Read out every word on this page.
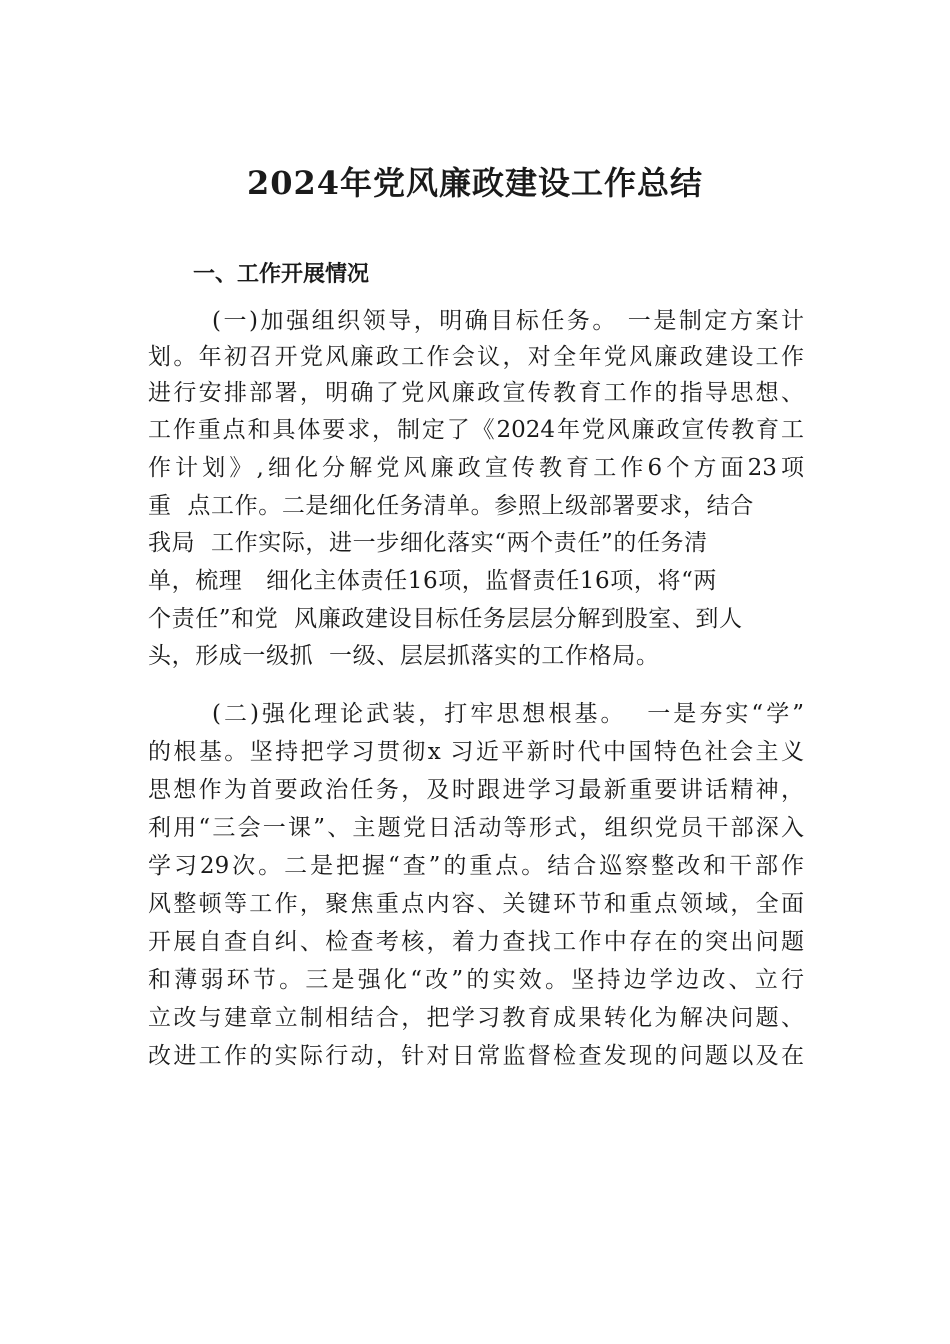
2024年党风廉政建设工作总结
一、工作开展情况
(一)加强组织领导，明确目标任务。 一是制定方案计
划。年初召开党风廉政工作会议，对全年党风廉政建设工作
进行安排部署，明确了党风廉政宣传教育工作的指导思想、
工作重点和具体要求，制定了《2024年党风廉政宣传教育工
作计划》,细化分解党风廉政宣传教育工作6个方面23项
重  点工作。二是细化任务清单。参照上级部署要求，结合
我局  工作实际，进一步细化落实“两个责任”的任务清
单，梳理   细化主体责任16项，监督责任16项，将“两
个责任”和党  风廉政建设目标任务层层分解到股室、到人
头，形成一级抓  一级、层层抓落实的工作格局。
(二)强化理论武装，打牢思想根基。  一是夯实“学”
的根基。坚持把学习贯彻x 习近平新时代中国特色社会主义
思想作为首要政治任务，及时跟进学习最新重要讲话精神，
利用“三会一课”、主题党日活动等形式，组织党员干部深入
学习29次。二是把握“查”的重点。结合巡察整改和干部作
风整顿等工作，聚焦重点内容、关键环节和重点领域，全面
开展自查自纠、检查考核，着力查找工作中存在的突出问题
和薄弱环节。三是强化“改”的实效。坚持边学边改、立行
立改与建章立制相结合，把学习教育成果转化为解决问题、
改进工作的实际行动，针对日常监督检查发现的问题以及在
